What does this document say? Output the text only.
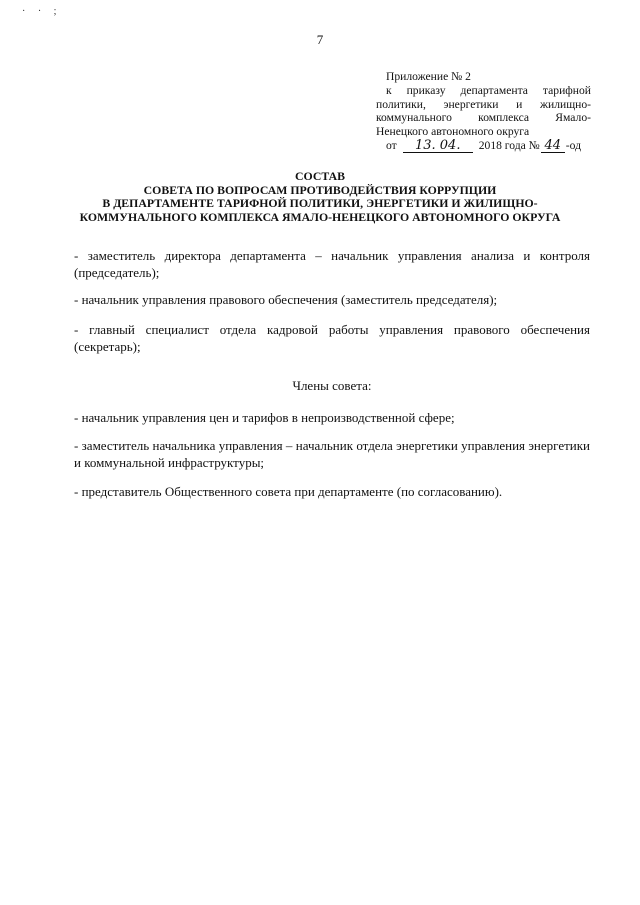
· · ;
7
Приложение № 2
к приказу департамента тарифной
политики, энергетики и жилищно-
коммунального комплекса Ямало-
Ненецкого автономного округа
от	13. 04.	2018 года № 44 -од
СОСТАВ
СОВЕТА ПО ВОПРОСАМ ПРОТИВОДЕЙСТВИЯ КОРРУПЦИИ
В ДЕПАРТАМЕНТЕ ТАРИФНОЙ ПОЛИТИКИ, ЭНЕРГЕТИКИ И ЖИЛИЩНО-
КОММУНАЛЬНОГО КОМПЛЕКСА ЯМАЛО-НЕНЕЦКОГО АВТОНОМНОГО ОКРУГА
- заместитель директора департамента – начальник управления анализа и контроля (председатель);
- начальник управления правового обеспечения (заместитель председателя);
- главный специалист отдела кадровой работы управления правового обеспечения (секретарь);
Члены совета:
- начальник управления цен и тарифов в непроизводственной сфере;
- заместитель начальника управления – начальник отдела энергетики управления энергетики и коммунальной инфраструктуры;
- представитель Общественного совета при департаменте (по согласованию).
